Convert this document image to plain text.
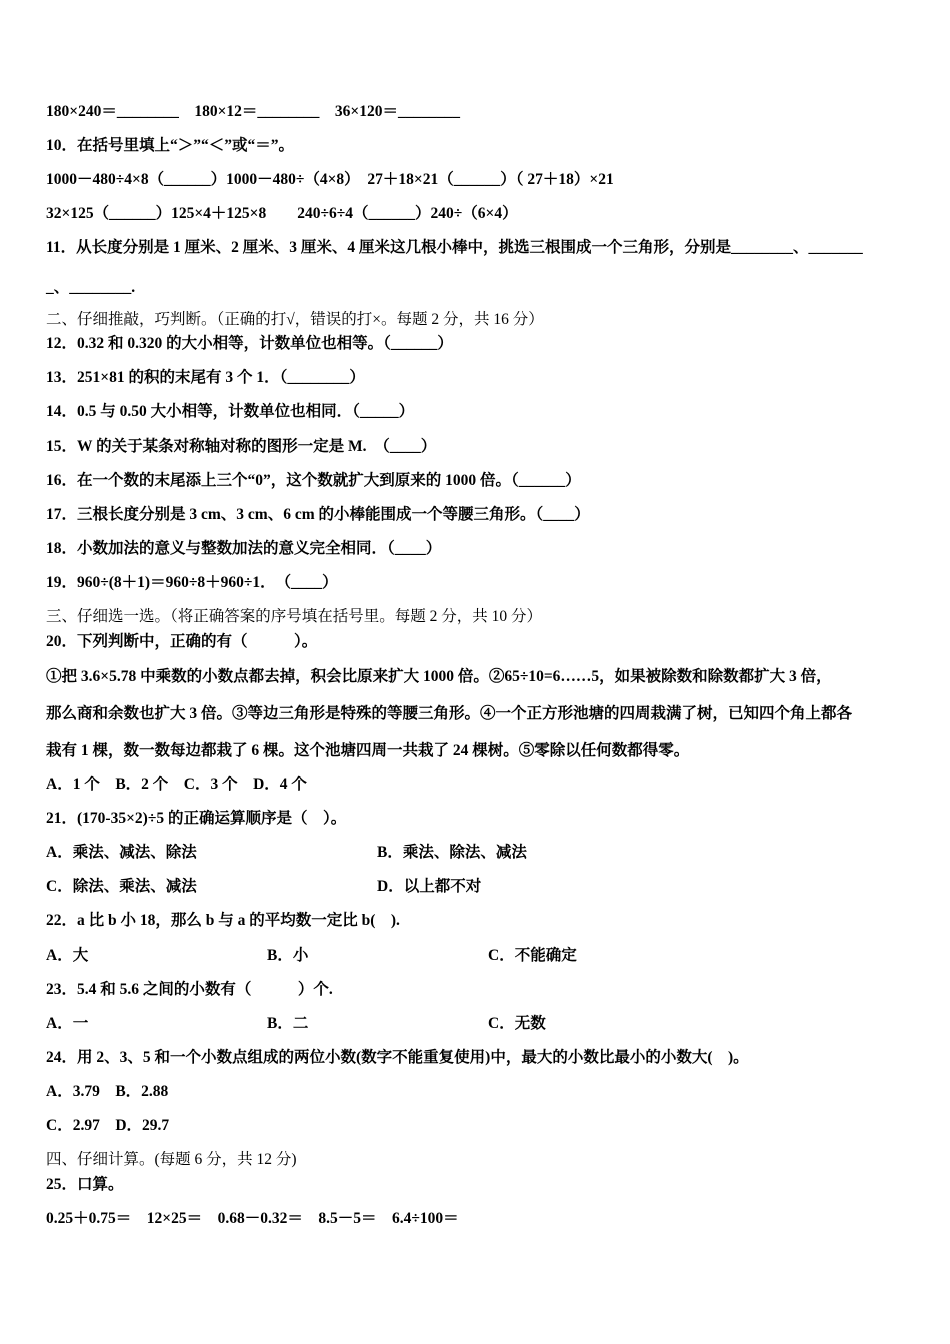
180×240＝________　180×12＝________　36×120＝________
10．在括号里填上“＞”“＜”或“＝”。
1000－480÷4×8（______）1000－480÷（4×8）　27＋18×21（______）（ 27＋18）×21
32×125（______）125×4＋125×8　　240÷6÷4（______）240÷（6×4）
11．从长度分别是 1 厘米、2 厘米、3 厘米、4 厘米这几根小棒中，挑选三根围成一个三角形，分别是________、_______
_、________.
二、仔细推敲，巧判断。（正确的打√，错误的打×。每题 2 分，共 16 分）
12．0.32 和 0.320 的大小相等，计数单位也相等。（______）
13．251×81 的积的末尾有 3 个 1．（________）
14．0.5 与 0.50 大小相等，计数单位也相同．（_____）
15．W 的关于某条对称轴对称的图形一定是 M.　（____）
16．在一个数的末尾添上三个“0”，这个数就扩大到原来的 1000 倍。（______）
17．三根长度分别是 3 cm、3 cm、6 cm 的小棒能围成一个等腰三角形。（____）
18．小数加法的意义与整数加法的意义完全相同．（____）
19．960÷(8＋1)＝960÷8＋960÷1．　（____）
三、仔细选一选。（将正确答案的序号填在括号里。每题 2 分，共 10 分）
20．下列判断中，正确的有（　　　）。
①把 3.6×5.78 中乘数的小数点都去掉，积会比原来扩大 1000 倍。②65÷10=6……5，如果被除数和除数都扩大 3 倍，
那么商和余数也扩大 3 倍。③等边三角形是特殊的等腰三角形。④一个正方形池塘的四周栽满了树，已知四个角上都各
栽有 1 棵，数一数每边都栽了 6 棵。这个池塘四周一共栽了 24 棵树。⑤零除以任何数都得零。
A．1 个　B．2 个　C．3 个　D．4 个
21．(170-35×2)÷5 的正确运算顺序是（　）。
A．乘法、减法、除法	B．乘法、除法、减法
C．除法、乘法、减法	D．以上都不对
22．a 比 b 小 18，那么 b 与 a 的平均数一定比 b(　).
A．大	B．小	C．不能确定
23．5.4 和 5.6 之间的小数有（　　　）个.
A．一	B．二	C．无数
24．用 2、3、5 和一个小数点组成的两位小数(数字不能重复使用)中，最大的小数比最小的小数大(　)。
A．3.79　B．2.88
C．2.97　D．29.7
四、仔细计算。(每题 6 分，共 12 分)
25．口算。
0.25＋0.75＝　12×25＝　0.68－0.32＝　8.5－5＝　6.4÷100＝
